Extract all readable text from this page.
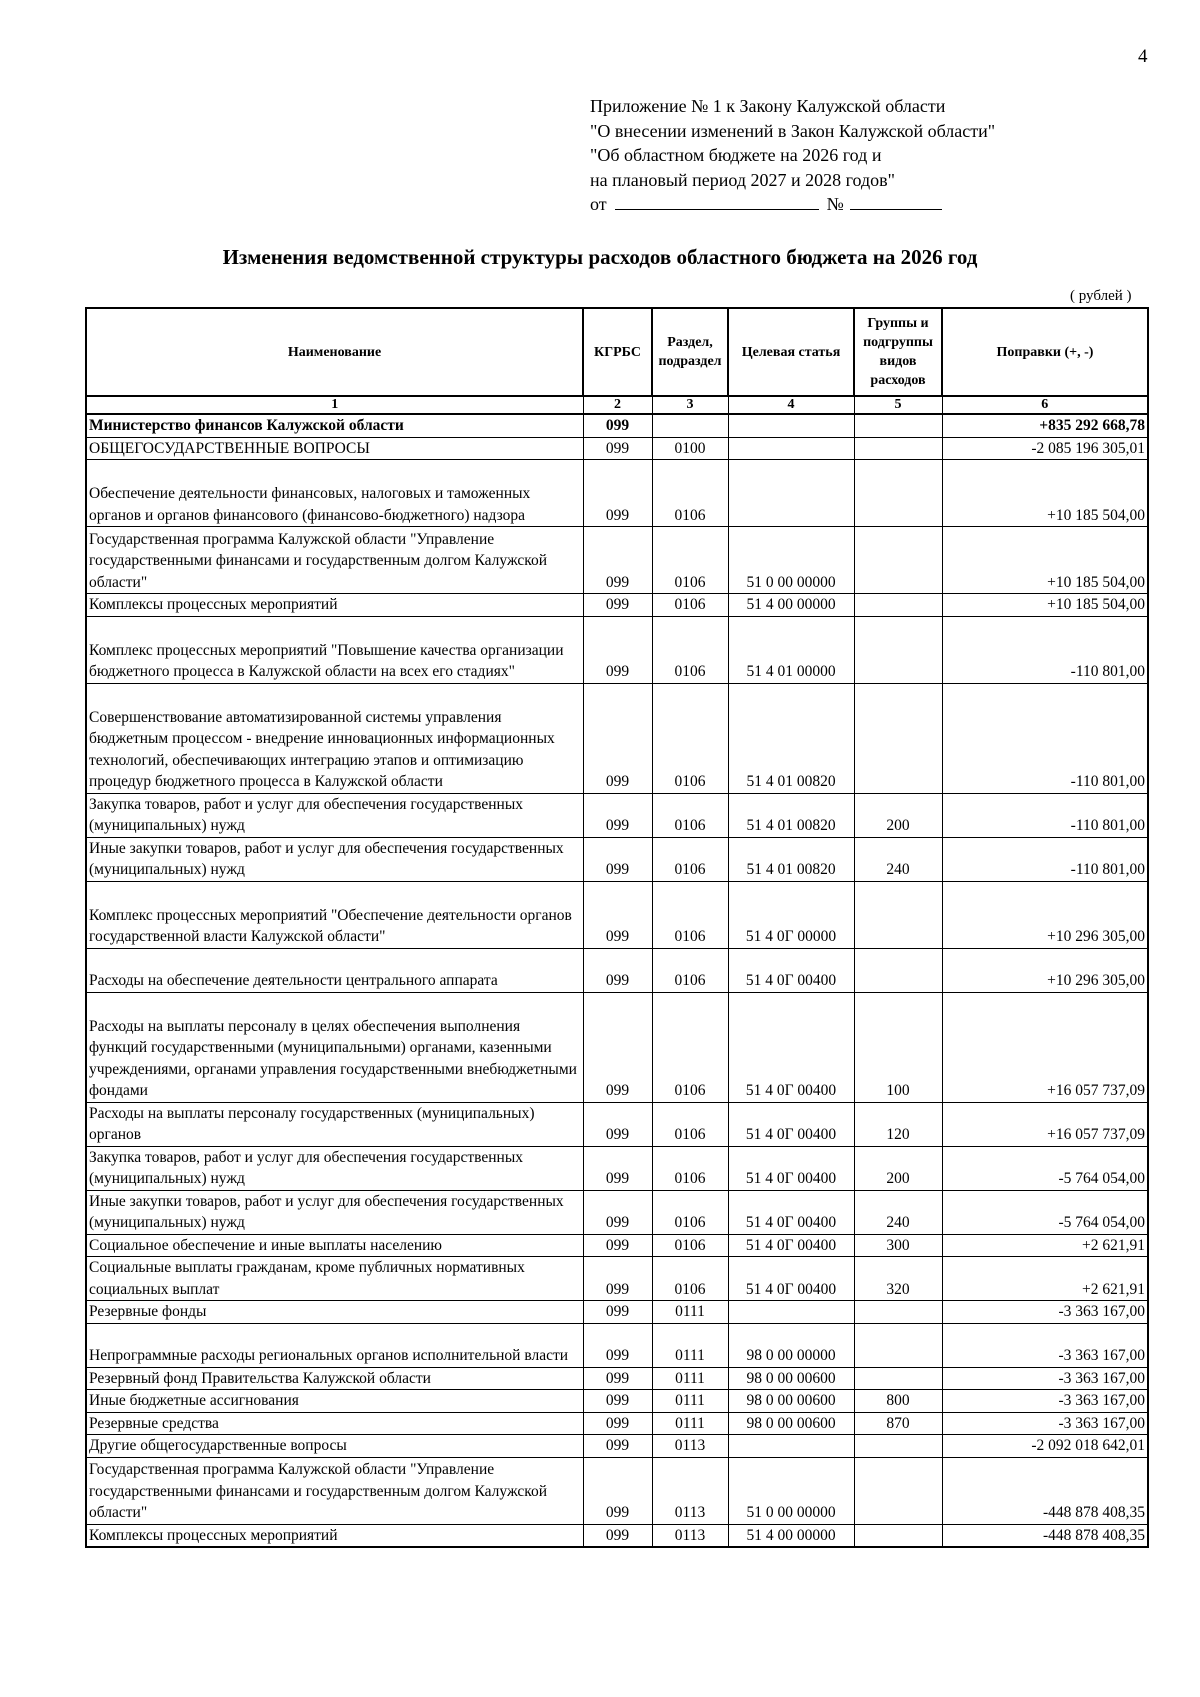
4
Приложение № 1 к Закону Калужской области
"О внесении изменений в Закон Калужской области"
"Об областном бюджете на 2026 год и
на плановый период 2027 и 2028 годов"
от	№
Изменения ведомственной структуры расходов областного бюджета на 2026 год
( рублей )
Наименование	КГРБС	Раздел, подраздел	Целевая статья	Группы и подгруппы видов расходов	Поправки (+, -)
1	2	3	4	5	6
Министерство финансов Калужской области	099				+835 292 668,78
ОБЩЕГОСУДАРСТВЕННЫЕ ВОПРОСЫ	099	0100			-2 085 196 305,01
Обеспечение деятельности финансовых, налоговых и таможенных органов и органов финансового (финансово-бюджетного) надзора	099	0106			+10 185 504,00
Государственная программа Калужской области "Управление государственными финансами и государственным долгом Калужской области"	099	0106	51 0 00 00000		+10 185 504,00
Комплексы процессных мероприятий	099	0106	51 4 00 00000		+10 185 504,00
Комплекс процессных мероприятий "Повышение качества организации бюджетного процесса в Калужской области на всех его стадиях"	099	0106	51 4 01 00000		-110 801,00
Совершенствование автоматизированной системы управления бюджетным процессом - внедрение инновационных информационных технологий, обеспечивающих интеграцию этапов и оптимизацию процедур бюджетного процесса в Калужской области	099	0106	51 4 01 00820		-110 801,00
Закупка товаров, работ и услуг для обеспечения государственных (муниципальных) нужд	099	0106	51 4 01 00820	200	-110 801,00
Иные закупки товаров, работ и услуг для обеспечения государственных (муниципальных) нужд	099	0106	51 4 01 00820	240	-110 801,00
Комплекс процессных мероприятий "Обеспечение деятельности органов государственной власти Калужской области"	099	0106	51 4 0Г 00000		+10 296 305,00
Расходы на обеспечение деятельности центрального аппарата	099	0106	51 4 0Г 00400		+10 296 305,00
Расходы на выплаты персоналу в целях обеспечения выполнения функций государственными (муниципальными) органами, казенными учреждениями, органами управления государственными внебюджетными фондами	099	0106	51 4 0Г 00400	100	+16 057 737,09
Расходы на выплаты персоналу государственных (муниципальных) органов	099	0106	51 4 0Г 00400	120	+16 057 737,09
Закупка товаров, работ и услуг для обеспечения государственных (муниципальных) нужд	099	0106	51 4 0Г 00400	200	-5 764 054,00
Иные закупки товаров, работ и услуг для обеспечения государственных (муниципальных) нужд	099	0106	51 4 0Г 00400	240	-5 764 054,00
Социальное обеспечение и иные выплаты населению	099	0106	51 4 0Г 00400	300	+2 621,91
Социальные выплаты гражданам, кроме публичных нормативных социальных выплат	099	0106	51 4 0Г 00400	320	+2 621,91
Резервные фонды	099	0111			-3 363 167,00
Непрограммные расходы региональных органов исполнительной власти	099	0111	98 0 00 00000		-3 363 167,00
Резервный фонд Правительства Калужской области	099	0111	98 0 00 00600		-3 363 167,00
Иные бюджетные ассигнования	099	0111	98 0 00 00600	800	-3 363 167,00
Резервные средства	099	0111	98 0 00 00600	870	-3 363 167,00
Другие общегосударственные вопросы	099	0113			-2 092 018 642,01
Государственная программа Калужской области "Управление государственными финансами и государственным долгом Калужской области"	099	0113	51 0 00 00000		-448 878 408,35
Комплексы процессных мероприятий	099	0113	51 4 00 00000		-448 878 408,35
